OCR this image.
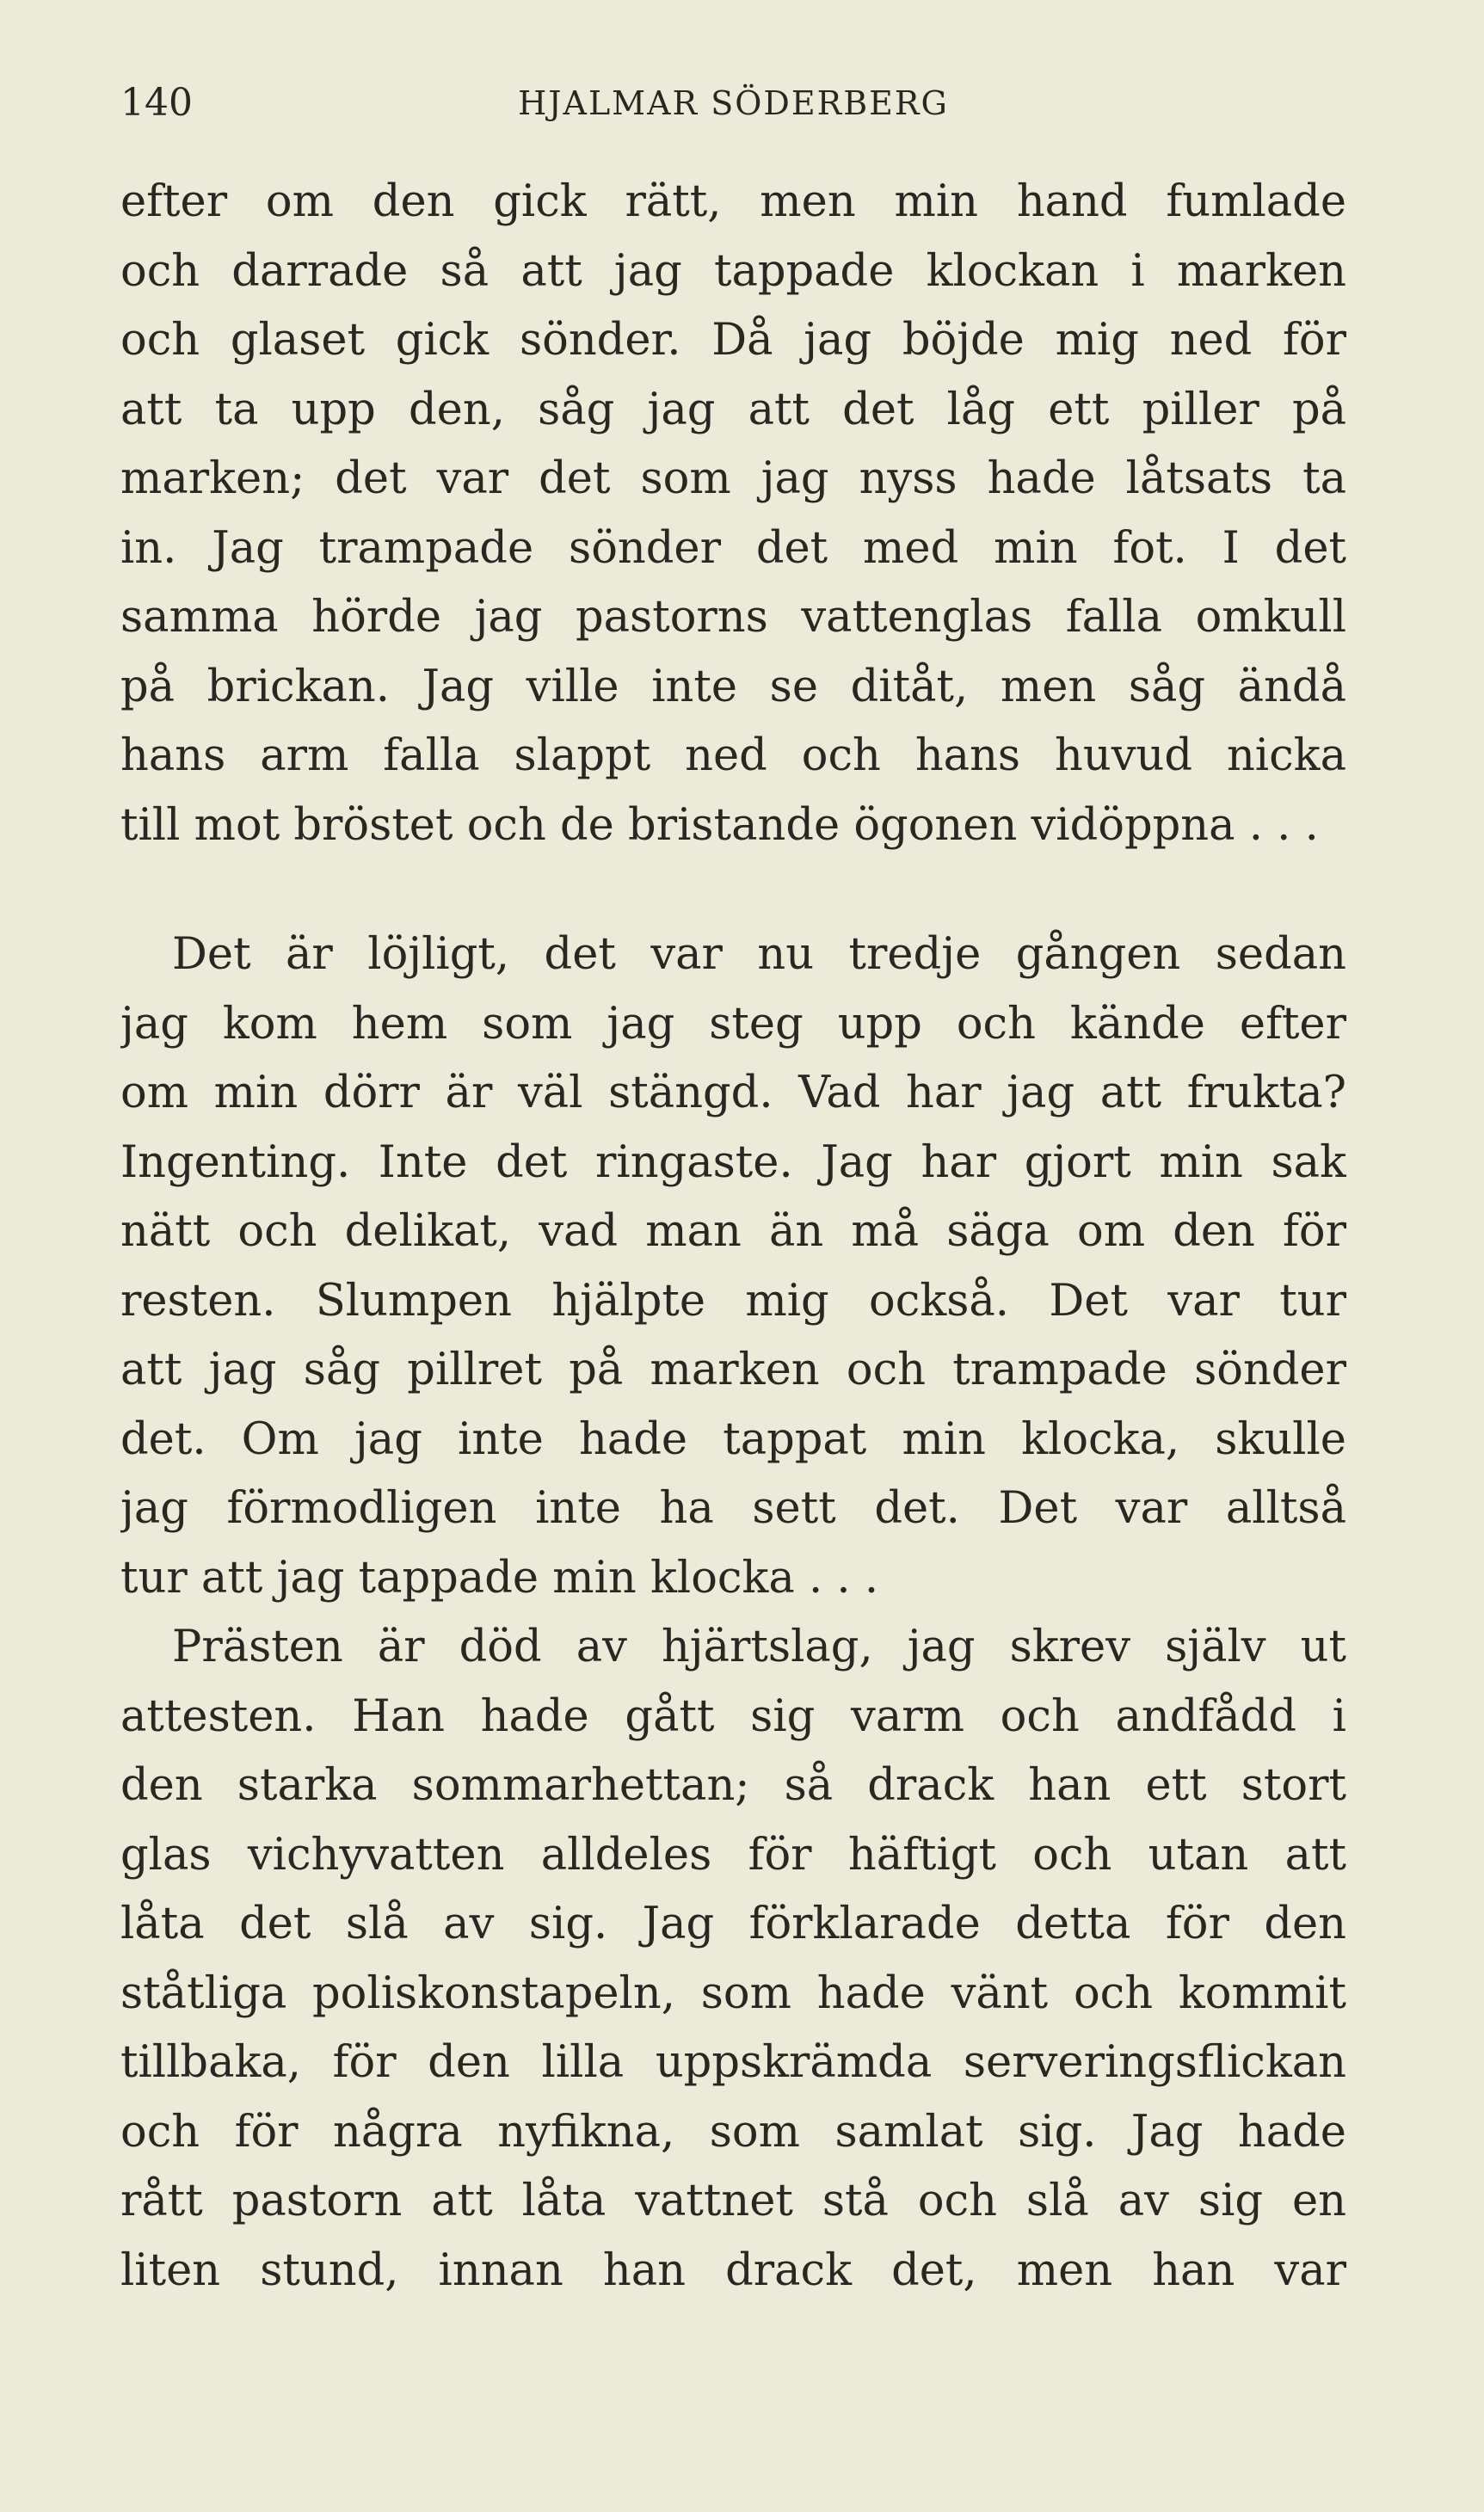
140	HJALMAR SÖDERBERG
efter om den gick rätt, men min hand fumlade
och darrade så att jag tappade klockan i marken
och glaset gick sönder. Då jag böjde mig ned för
att ta upp den, såg jag att det låg ett piller på
marken; det var det som jag nyss hade låtsats ta
in. Jag trampade sönder det med min fot. I det
samma hörde jag pastorns vattenglas falla omkull
på brickan. Jag ville inte se ditåt, men såg ändå
hans arm falla slappt ned och hans huvud nicka
till mot bröstet och de bristande ögonen vidöppna . . .
Det är löjligt, det var nu tredje gången sedan
jag kom hem som jag steg upp och kände efter
om min dörr är väl stängd. Vad har jag att frukta?
Ingenting. Inte det ringaste. Jag har gjort min sak
nätt och delikat, vad man än må säga om den för
resten. Slumpen hjälpte mig också. Det var tur
att jag såg pillret på marken och trampade sönder
det. Om jag inte hade tappat min klocka, skulle
jag förmodligen inte ha sett det. Det var alltså
tur att jag tappade min klocka . . .
Prästen är död av hjärtslag, jag skrev själv ut
attesten. Han hade gått sig varm och andfådd i
den starka sommarhettan; så drack han ett stort
glas vichyvatten alldeles för häftigt och utan att
låta det slå av sig. Jag förklarade detta för den
ståtliga poliskonstapeln, som hade vänt och kommit
tillbaka, för den lilla uppskrämda serveringsflickan
och för några nyfikna, som samlat sig. Jag hade
rått pastorn att låta vattnet stå och slå av sig en
liten stund, innan han drack det, men han var
